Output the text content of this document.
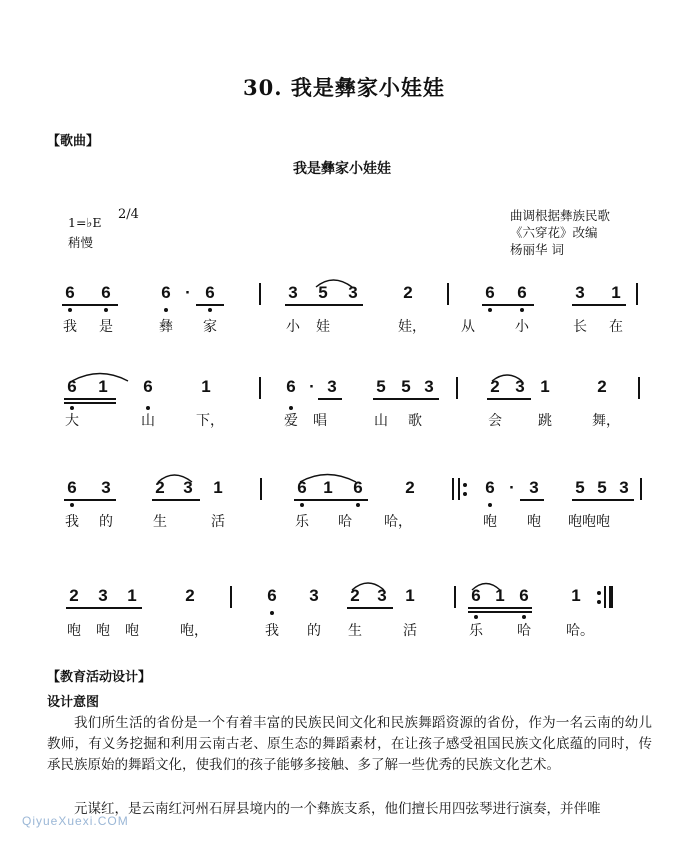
30. 我是彝家小娃娃
【歌曲】
我是彝家小娃娃
1=♭E
2/4
稍慢
曲调根据彝族民歌
《六穿花》改编
杨丽华 词
6	6	6 · 6	3	5	3	2	6	6	3	1
我 是	彝 家	小 娃	娃，	从	小	长 在
6	1	6	1	6 · 3	5 5 3	2 3 1	2
大	山	下，	爱 唱	山 歌	会	跳	舞，
6	3	2	3	1	6 1	6	2	6 · 3	5 5 3
我 的	生	活	乐 哈 哈，	咆 咆 咆咆咆
2	3	1	2	6	3	2	3	1	6 1 6	1
咆 咆 咆	咆，	我 的 生	活	乐 哈	哈。
【教育活动设计】
设计意图
我们所生活的省份是一个有着丰富的民族民间文化和民族舞蹈资源的省份，作为一名云南的幼儿教师，有义务挖掘和利用云南古老、原生态的舞蹈素材，在让孩子感受祖国民族文化底蕴的同时，传承民族原始的舞蹈文化，使我们的孩子能够多接触、多了解一些优秀的民族文化艺术。
元谋红，是云南红河州石屏县境内的一个彝族支系，他们擅长用四弦琴进行演奏，并伴唯
QiyueXuexi.COM
